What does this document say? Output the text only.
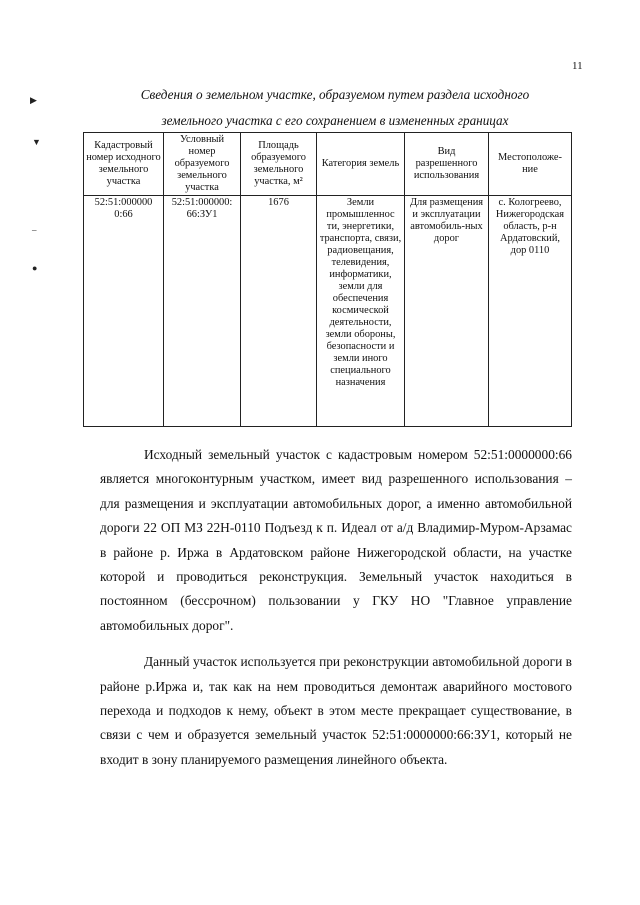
11
Сведения о земельном участке, образуемом путем раздела исходного
земельного участка с его сохранением в измененных границах
Кадастровый номер исходного земельного участка	Условный номер образуемого земельного участка	Площадь образуемого земельного участка, м²	Категория земель	Вид разрешенного использования	Местоположе-ние
52:51:000000 0:66	52:51:000000: 66:ЗУ1	1676	Земли промышленнос ти, энергетики, транспорта, связи, радиовещания, телевидения, информатики, земли для обеспечения космической деятельности, земли обороны, безопасности и земли иного специального назначения	Для размещения и эксплуатации автомобиль-ных дорог	с. Кологреево, Нижегородская область, р-н Ардатовский, дор 0110

Исходный земельный участок с кадастровым номером 52:51:0000000:66 является многоконтурным участком, имеет вид разрешенного использования – для размещения и эксплуатации автомобильных дорог, а именно автомобильной дороги 22 ОП МЗ 22Н-0110 Подъезд к п. Идеал от а/д Владимир-Муром-Арзамас в районе р. Иржа в Ардатовском районе Нижегородской области, на участке которой и проводиться реконструкция. Земельный участок находиться в постоянном (бессрочном) пользовании у ГКУ НО "Главное управление автомобильных дорог".

Данный участок используется при реконструкции автомобильной дороги в районе р.Иржа и, так как на нем проводиться демонтаж аварийного мостового перехода и подходов к нему, объект в этом месте прекращает существование, в связи с чем и образуется земельный участок 52:51:0000000:66:ЗУ1, который не входит в зону планируемого размещения линейного объекта.

▶
▼
–
●
